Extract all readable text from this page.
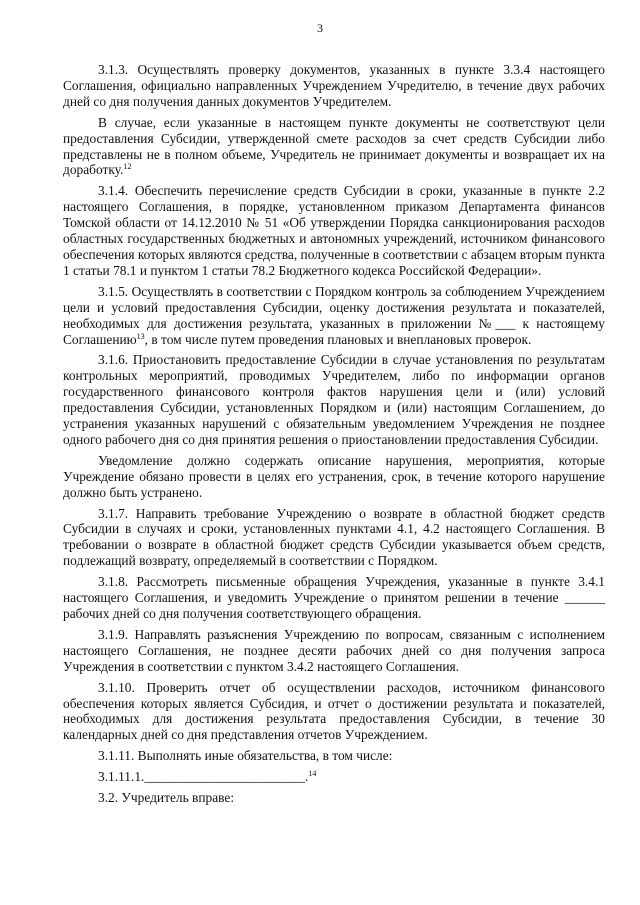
3

3.1.3. Осуществлять проверку документов, указанных в пункте 3.3.4 настоящего Соглашения, официально направленных Учреждением Учредителю, в течение двух рабочих дней со дня получения данных документов Учредителем.

В случае, если указанные в настоящем пункте документы не соответствуют цели предоставления Субсидии, утвержденной смете расходов за счет средств Субсидии либо представлены не в полном объеме, Учредитель не принимает документы и возвращает их на доработку.$^{12}$

3.1.4. Обеспечить перечисление средств Субсидии в сроки, указанные в пункте 2.2 настоящего Соглашения, в порядке, установленном приказом Департамента финансов Томской области от 14.12.2010 № 51 «Об утверждении Порядка санкционирования расходов областных государственных бюджетных и автономных учреждений, источником финансового обеспечения которых являются средства, полученные в соответствии с абзацем вторым пункта 1 статьи 78.1 и пунктом 1 статьи 78.2 Бюджетного кодекса Российской Федерации».

3.1.5. Осуществлять в соответствии с Порядком контроль за соблюдением Учреждением цели и условий предоставления Субсидии, оценку достижения результата и показателей, необходимых для достижения результата, указанных в приложении №___ к настоящему Соглашению$^{13}$, в том числе путем проведения плановых и внеплановых проверок.

3.1.6. Приостановить предоставление Субсидии в случае установления по результатам контрольных мероприятий, проводимых Учредителем, либо по информации органов государственного финансового контроля фактов нарушения цели и (или) условий предоставления Субсидии, установленных Порядком и (или) настоящим Соглашением, до устранения указанных нарушений с обязательным уведомлением Учреждения не позднее одного рабочего дня со дня принятия решения о приостановлении предоставления Субсидии.

Уведомление должно содержать описание нарушения, мероприятия, которые Учреждение обязано провести в целях его устранения, срок, в течение которого нарушение должно быть устранено.

3.1.7. Направить требование Учреждению о возврате в областной бюджет средств Субсидии в случаях и сроки, установленных пунктами 4.1, 4.2 настоящего Соглашения. В требовании о возврате в областной бюджет средств Субсидии указывается объем средств, подлежащий возврату, определяемый в соответствии с Порядком.

3.1.8. Рассмотреть письменные обращения Учреждения, указанные в пункте 3.4.1 настоящего Соглашения, и уведомить Учреждение о принятом решении в течение ______ рабочих дней со дня получения соответствующего обращения.

3.1.9. Направлять разъяснения Учреждению по вопросам, связанным с исполнением настоящего Соглашения, не позднее десяти рабочих дней со дня получения запроса Учреждения в соответствии с пунктом 3.4.2 настоящего Соглашения.

3.1.10. Проверить отчет об осуществлении расходов, источником финансового обеспечения которых является Субсидия, и отчет о достижении результата и показателей, необходимых для достижения результата предоставления Субсидии, в течение 30 календарных дней со дня представления отчетов Учреждением.

3.1.11. Выполнять иные обязательства, в том числе:

3.1.11.1.________________________.$^{14}$

3.2. Учредитель вправе:
